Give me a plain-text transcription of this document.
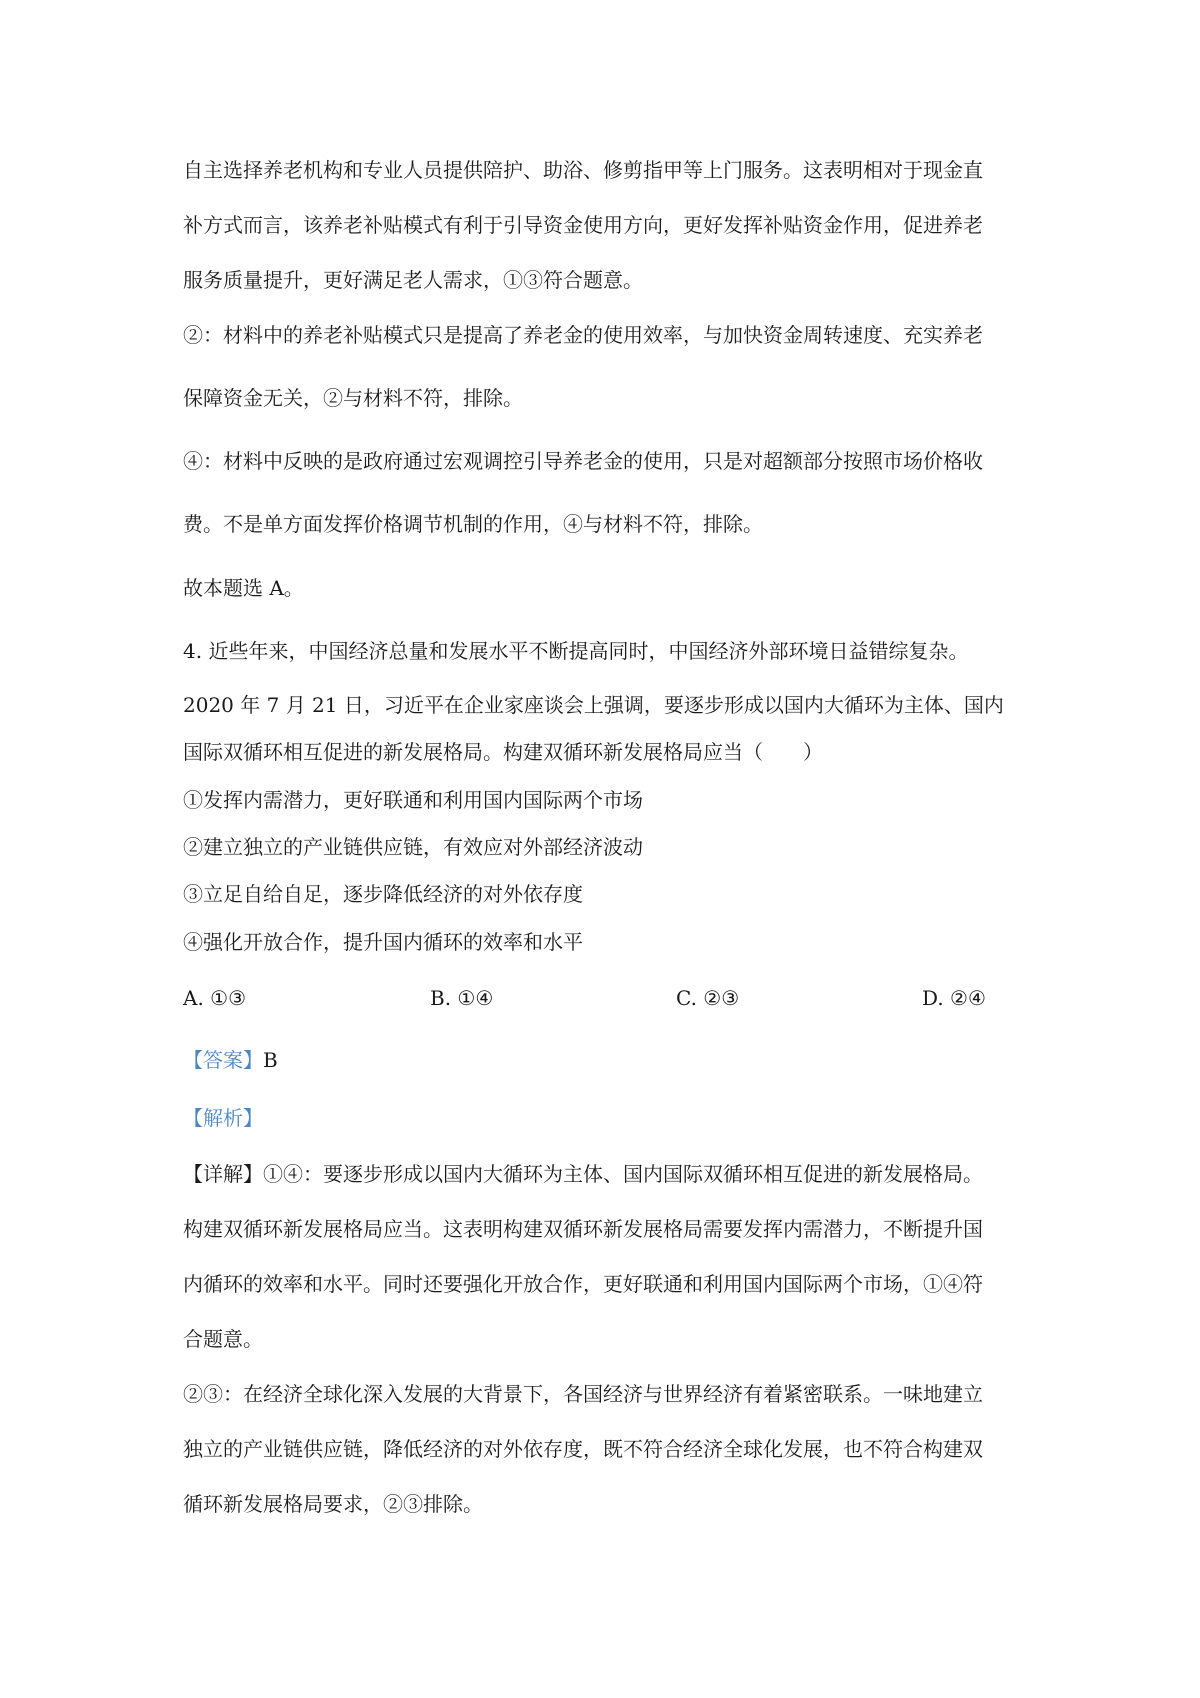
自主选择养老机构和专业人员提供陪护、助浴、修剪指甲等上门服务。这表明相对于现金直
补方式而言，该养老补贴模式有利于引导资金使用方向，更好发挥补贴资金作用，促进养老
服务质量提升，更好满足老人需求，①③符合题意。
②：材料中的养老补贴模式只是提高了养老金的使用效率，与加快资金周转速度、充实养老
保障资金无关，②与材料不符，排除。
④：材料中反映的是政府通过宏观调控引导养老金的使用，只是对超额部分按照市场价格收
费。不是单方面发挥价格调节机制的作用，④与材料不符，排除。
故本题选 A。
4. 近些年来，中国经济总量和发展水平不断提高同时，中国经济外部环境日益错综复杂。
2020 年 7 月 21 日，习近平在企业家座谈会上强调，要逐步形成以国内大循环为主体、国内
国际双循环相互促进的新发展格局。构建双循环新发展格局应当（　　）
①发挥内需潜力，更好联通和利用国内国际两个市场
②建立独立的产业链供应链，有效应对外部经济波动
③立足自给自足，逐步降低经济的对外依存度
④强化开放合作，提升国内循环的效率和水平
A. ①③	B. ①④	C. ②③	D. ②④
【答案】B
【解析】
【详解】①④：要逐步形成以国内大循环为主体、国内国际双循环相互促进的新发展格局。
构建双循环新发展格局应当。这表明构建双循环新发展格局需要发挥内需潜力，不断提升国
内循环的效率和水平。同时还要强化开放合作，更好联通和利用国内国际两个市场，①④符
合题意。
②③：在经济全球化深入发展的大背景下，各国经济与世界经济有着紧密联系。一味地建立
独立的产业链供应链，降低经济的对外依存度，既不符合经济全球化发展，也不符合构建双
循环新发展格局要求，②③排除。
